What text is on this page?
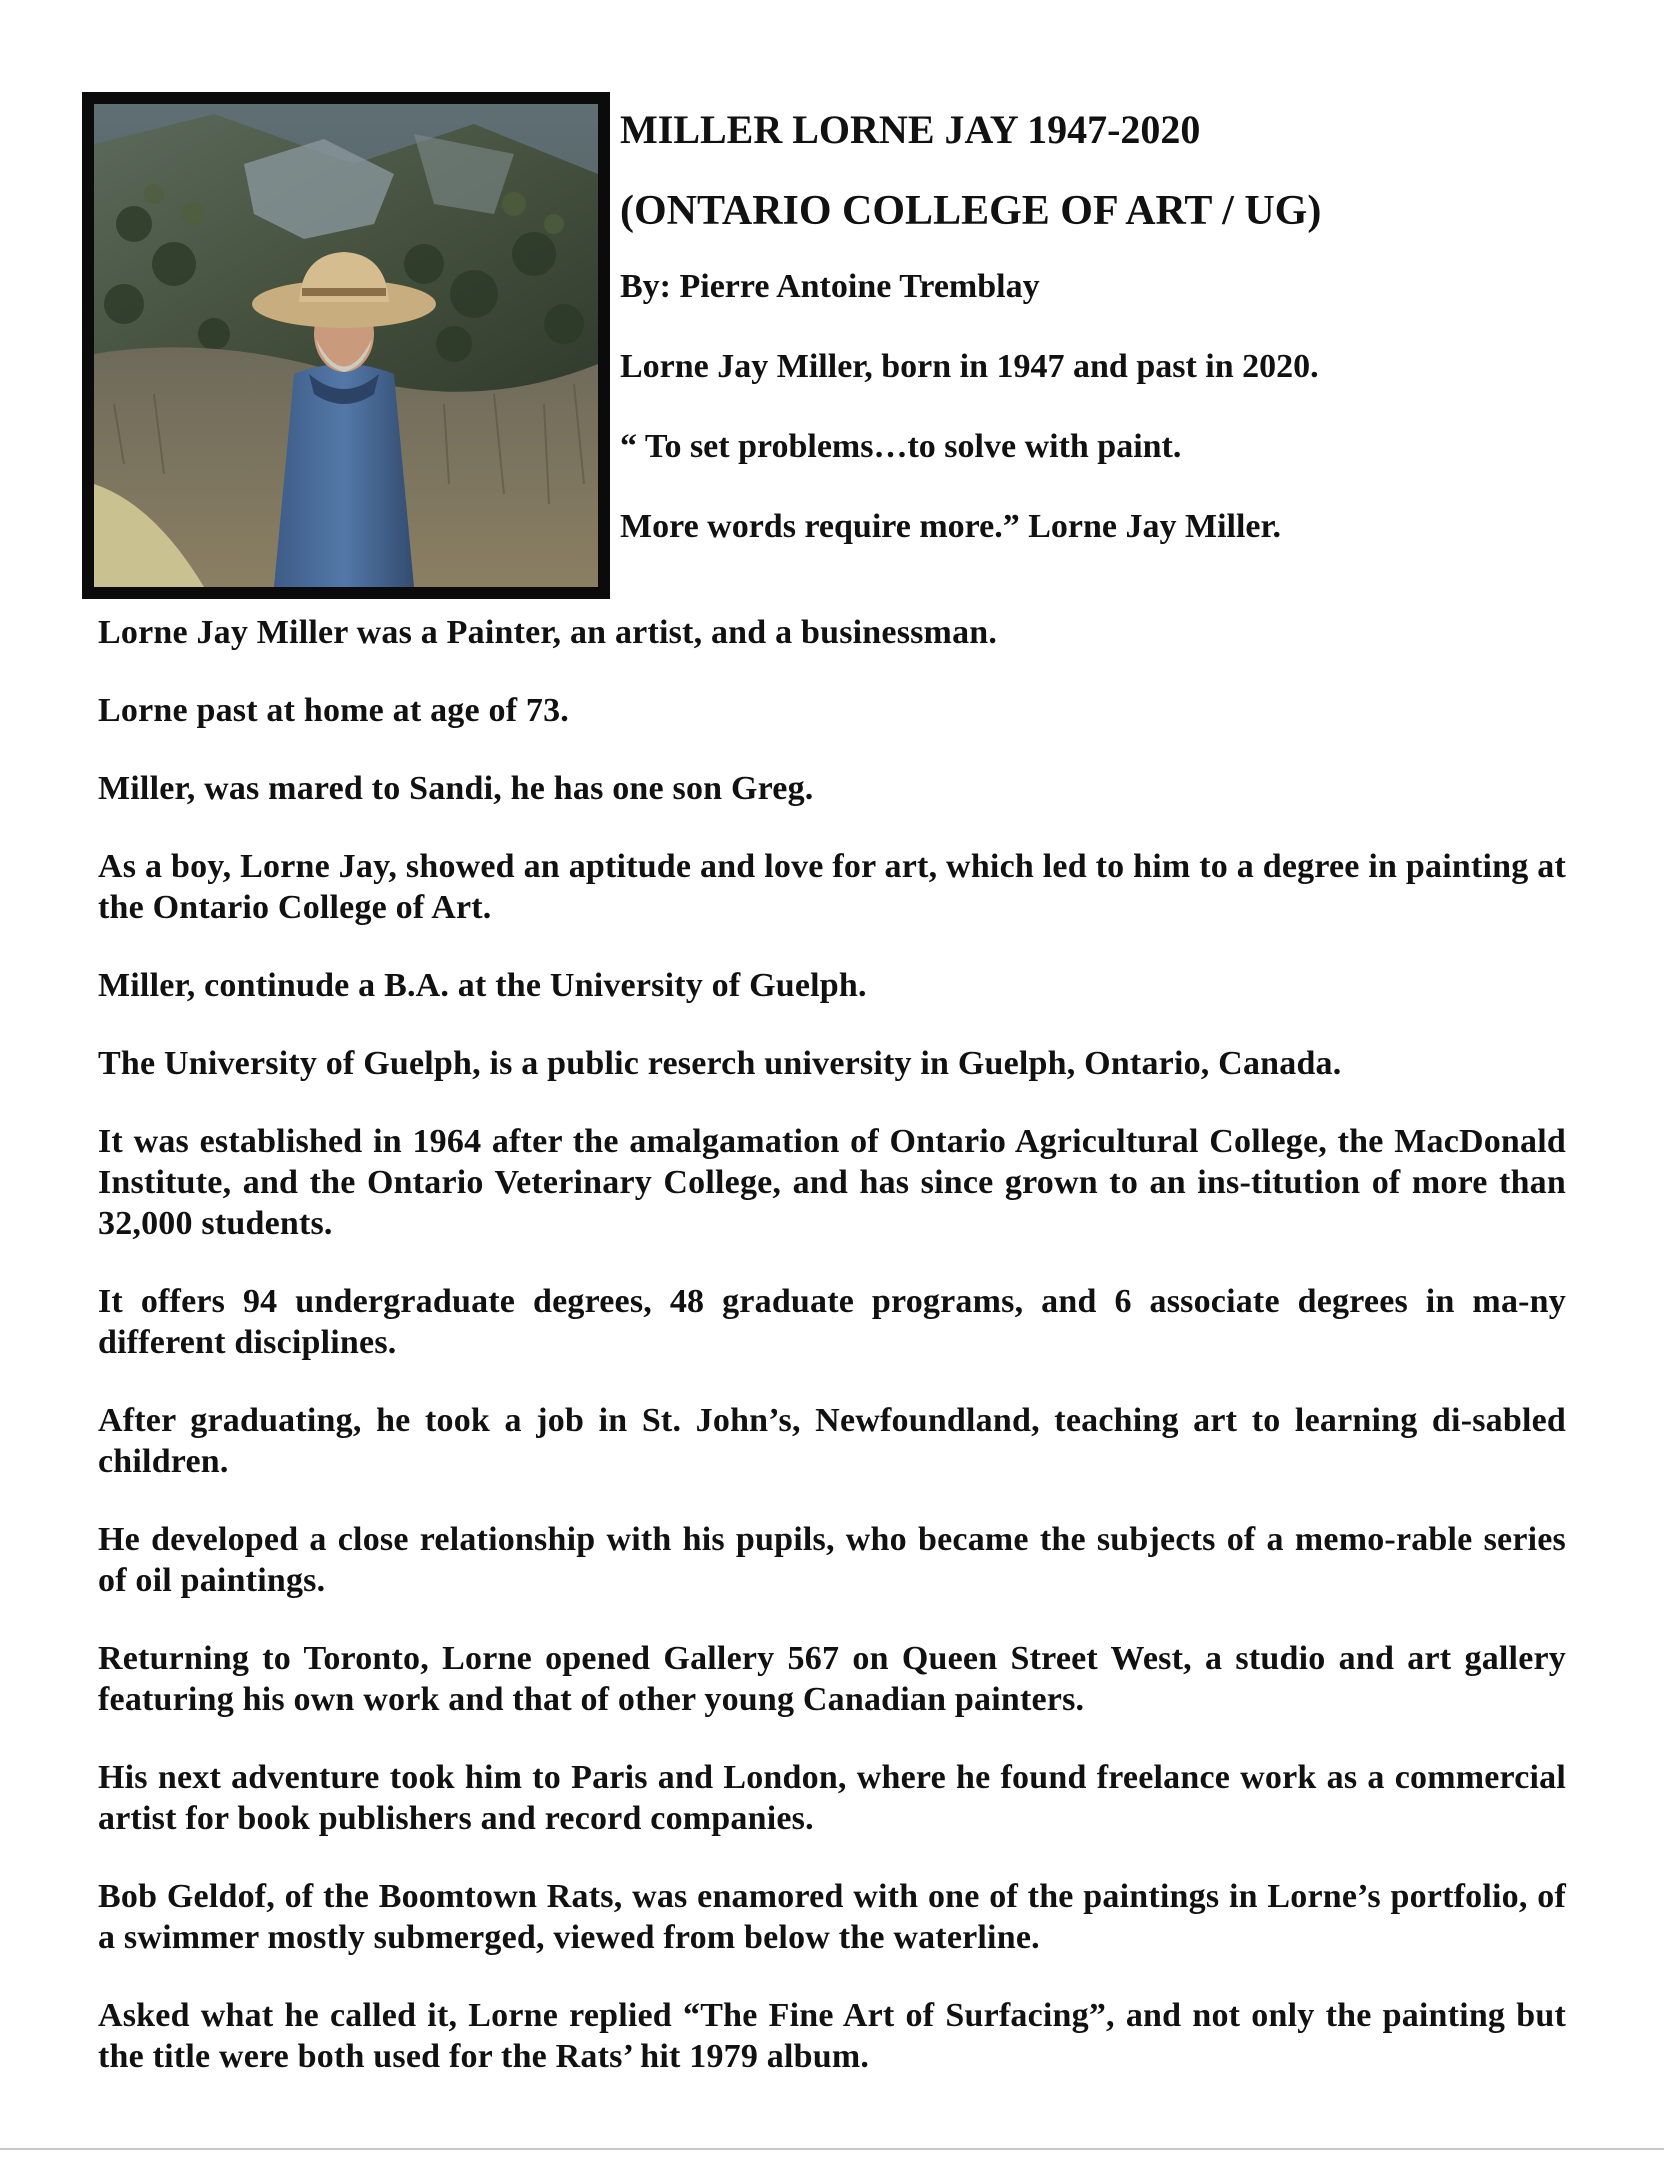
MILLER LORNE JAY 1947-2020

(ONTARIO COLLEGE OF ART / UG)

By: Pierre Antoine Tremblay

Lorne Jay Miller, born in 1947 and past in 2020.

“ To set problems…to solve with paint.

More words require more.” Lorne Jay Miller.

Lorne Jay Miller was a Painter, an artist, and a businessman.

Lorne past at home at age of 73.

Miller, was mared to Sandi, he has one son Greg.

As a boy, Lorne Jay, showed an aptitude and love for art, which led to him to a degree in painting at the Ontario College of Art.

Miller, continude a B.A. at the University of Guelph.

The University of Guelph, is a public reserch university in Guelph, Ontario, Canada.

It was established in 1964 after the amalgamation of Ontario Agricultural College, the MacDonald Institute, and the Ontario Veterinary College, and has since grown to an ins-titution of more than 32,000 students.

It offers 94 undergraduate degrees, 48 graduate programs, and 6 associate degrees in ma-ny different disciplines.

After graduating, he took a job in St. John’s, Newfoundland, teaching art to learning di-sabled children.

He developed a close relationship with his pupils, who became the subjects of a memo-rable series of oil paintings.

Returning to Toronto, Lorne opened Gallery 567 on Queen Street West, a studio and art gallery featuring his own work and that of other young Canadian painters.

His next adventure took him to Paris and London, where he found freelance work as a commercial artist for book publishers and record companies.

Bob Geldof, of the Boomtown Rats, was enamored with one of the paintings in Lorne’s portfolio, of a swimmer mostly submerged, viewed from below the waterline.

Asked what he called it, Lorne replied “The Fine Art of Surfacing”, and not only the painting but the title were both used for the Rats’ hit 1979 album.
